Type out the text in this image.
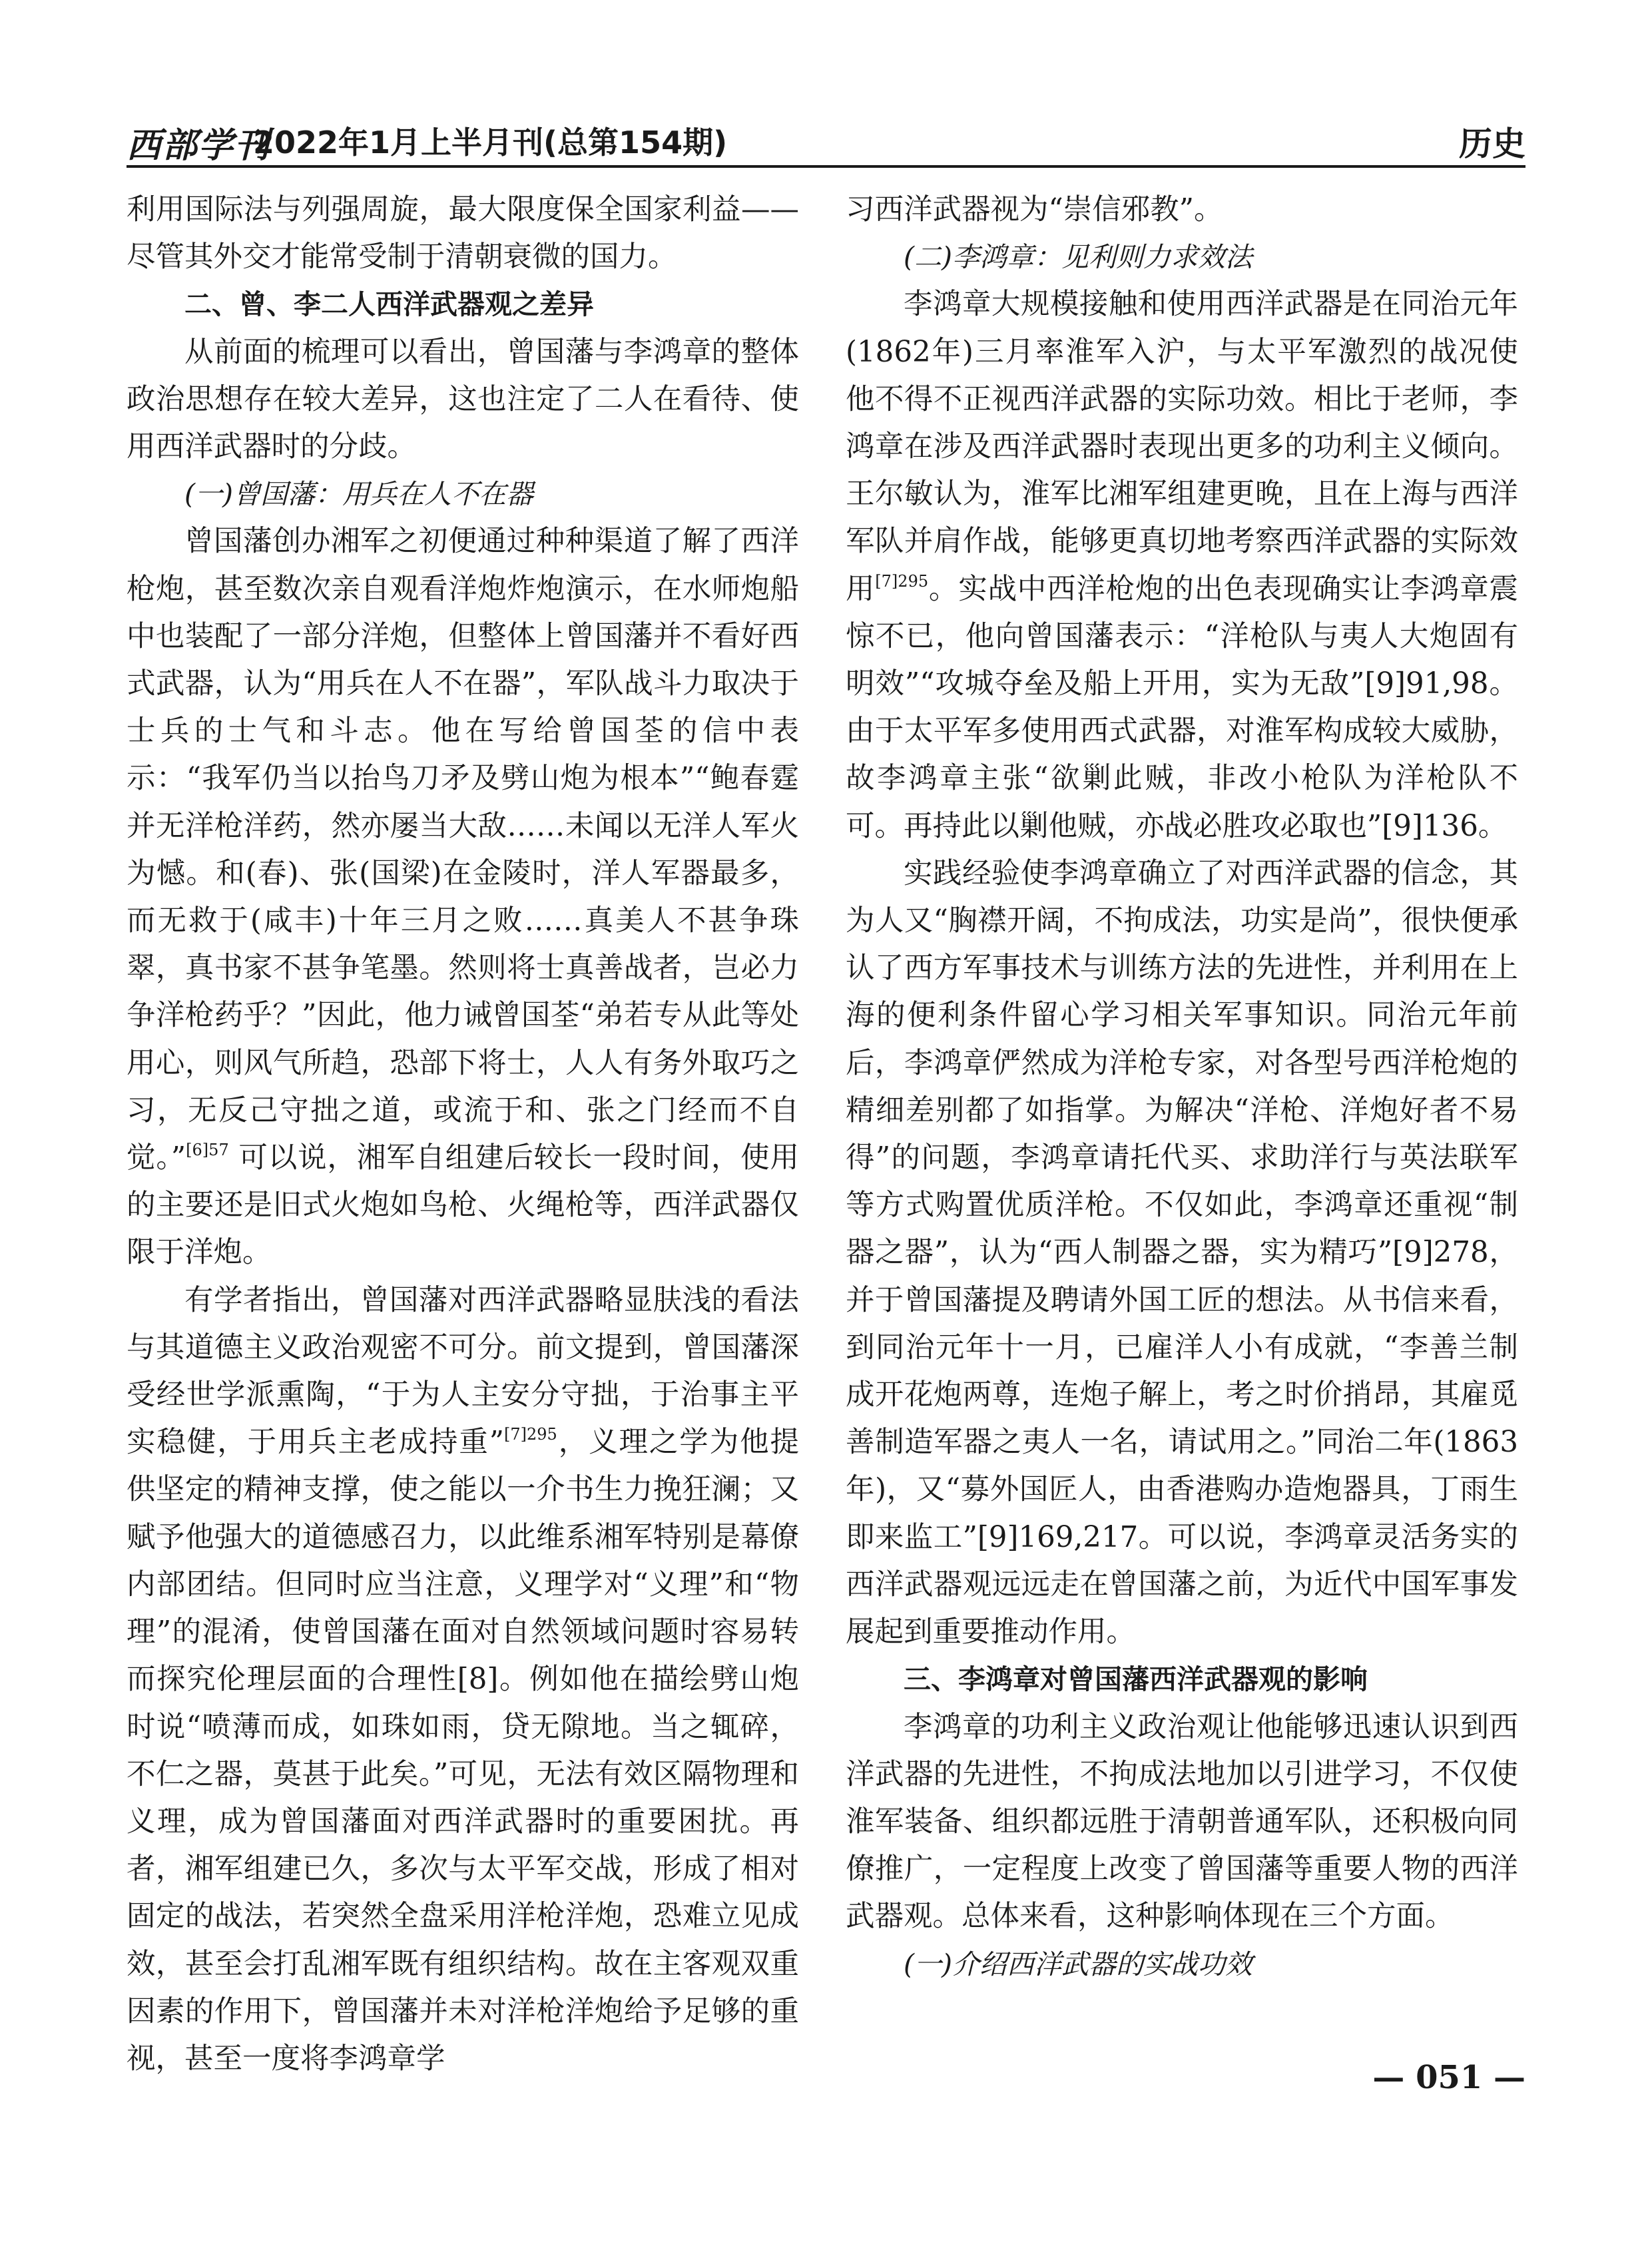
西部学刊
2022年1月上半月刊(总第154期)	历史

利用国际法与列强周旋，最大限度保全国家利益——尽管其外交才能常受制于清朝衰微的国力。

二、曾、李二人西洋武器观之差异

从前面的梳理可以看出，曾国藩与李鸿章的整体政治思想存在较大差异，这也注定了二人在看待、使用西洋武器时的分歧。

(一)曾国藩：用兵在人不在器

曾国藩创办湘军之初便通过种种渠道了解了西洋枪炮，甚至数次亲自观看洋炮炸炮演示，在水师炮船中也装配了一部分洋炮，但整体上曾国藩并不看好西式武器，认为“用兵在人不在器”，军队战斗力取决于士兵的士气和斗志。他在写给曾国荃的信中表示：“我军仍当以抬鸟刀矛及劈山炮为根本”“鲍春霆并无洋枪洋药，然亦屡当大敌……未闻以无洋人军火为憾。和(春)、张(国梁)在金陵时，洋人军器最多，而无救于(咸丰)十年三月之败……真美人不甚争珠翠，真书家不甚争笔墨。然则将士真善战者，岂必力争洋枪药乎？”因此，他力诫曾国荃“弟若专从此等处用心，则风气所趋，恐部下将士，人人有务外取巧之习，无反己守拙之道，或流于和、张之门经而不自觉。”$^{[6]57}$ 可以说，湘军自组建后较长一段时间，使用的主要还是旧式火炮如鸟枪、火绳枪等，西洋武器仅限于洋炮。

有学者指出，曾国藩对西洋武器略显肤浅的看法与其道德主义政治观密不可分。前文提到，曾国藩深受经世学派熏陶，“于为人主安分守拙，于治事主平实稳健，于用兵主老成持重”$^{[7]295}$，义理之学为他提供坚定的精神支撑，使之能以一介书生力挽狂澜；又赋予他强大的道德感召力，以此维系湘军特别是幕僚内部团结。但同时应当注意，义理学对“义理”和“物理”的混淆，使曾国藩在面对自然领域问题时容易转而探究伦理层面的合理性[8]。例如他在描绘劈山炮时说“喷薄而成，如珠如雨，贷无隙地。当之辄碎，不仁之器，莫甚于此矣。”可见，无法有效区隔物理和义理，成为曾国藩面对西洋武器时的重要困扰。再者，湘军组建已久，多次与太平军交战，形成了相对固定的战法，若突然全盘采用洋枪洋炮，恐难立见成效，甚至会打乱湘军既有组织结构。故在主客观双重因素的作用下，曾国藩并未对洋枪洋炮给予足够的重视，甚至一度将李鸿章学

习西洋武器视为“崇信邪教”。

(二)李鸿章：见利则力求效法

李鸿章大规模接触和使用西洋武器是在同治元年(1862年)三月率淮军入沪，与太平军激烈的战况使他不得不正视西洋武器的实际功效。相比于老师，李鸿章在涉及西洋武器时表现出更多的功利主义倾向。王尔敏认为，淮军比湘军组建更晚，且在上海与西洋军队并肩作战，能够更真切地考察西洋武器的实际效用$^{[7]295}$。实战中西洋枪炮的出色表现确实让李鸿章震惊不已，他向曾国藩表示：“洋枪队与夷人大炮固有明效”“攻城夺垒及船上开用，实为无敌”[9]91,98。由于太平军多使用西式武器，对淮军构成较大威胁，故李鸿章主张“欲剿此贼，非改小枪队为洋枪队不可。再持此以剿他贼，亦战必胜攻必取也”[9]136。

实践经验使李鸿章确立了对西洋武器的信念，其为人又“胸襟开阔，不拘成法，功实是尚”，很快便承认了西方军事技术与训练方法的先进性，并利用在上海的便利条件留心学习相关军事知识。同治元年前后，李鸿章俨然成为洋枪专家，对各型号西洋枪炮的精细差别都了如指掌。为解决“洋枪、洋炮好者不易得”的问题，李鸿章请托代买、求助洋行与英法联军等方式购置优质洋枪。不仅如此，李鸿章还重视“制器之器”，认为“西人制器之器，实为精巧”[9]278，并于曾国藩提及聘请外国工匠的想法。从书信来看，到同治元年十一月，已雇洋人小有成就，“李善兰制成开花炮两尊，连炮子解上，考之时价捎昂，其雇觅善制造军器之夷人一名，请试用之。”同治二年(1863年)，又“募外国匠人，由香港购办造炮器具，丁雨生即来监工”[9]169,217。可以说，李鸿章灵活务实的西洋武器观远远走在曾国藩之前，为近代中国军事发展起到重要推动作用。

三、李鸿章对曾国藩西洋武器观的影响

李鸿章的功利主义政治观让他能够迅速认识到西洋武器的先进性，不拘成法地加以引进学习，不仅使淮军装备、组织都远胜于清朝普通军队，还积极向同僚推广，一定程度上改变了曾国藩等重要人物的西洋武器观。总体来看，这种影响体现在三个方面。

(一)介绍西洋武器的实战功效
— 051 —
